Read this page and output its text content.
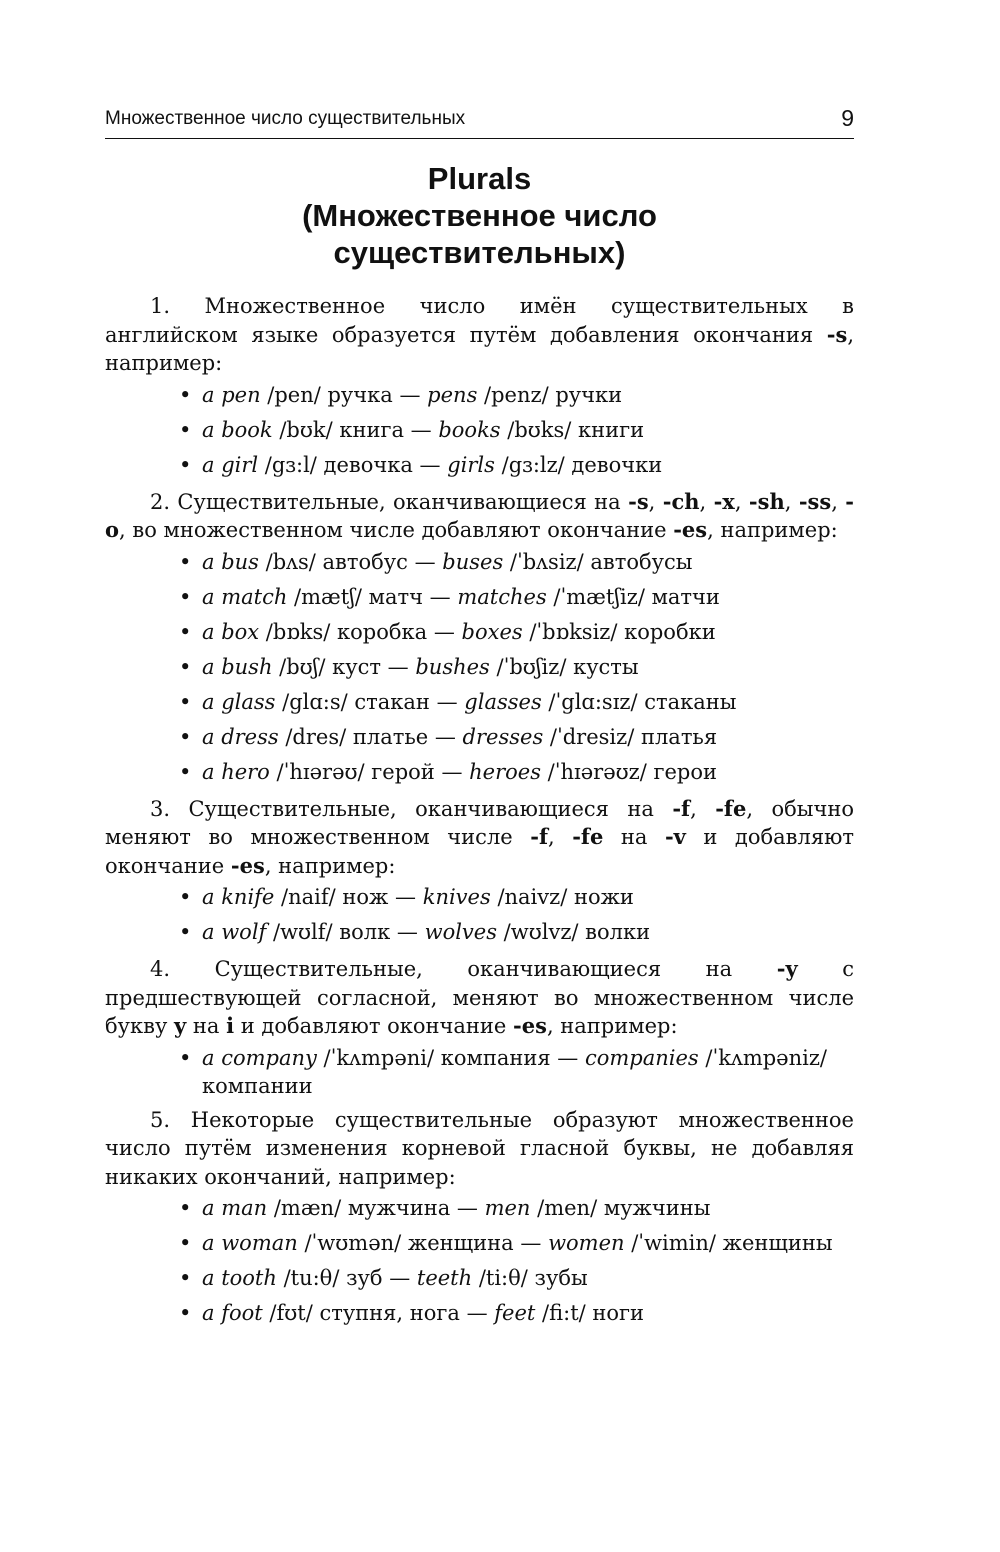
Множественное число существительных	9
Plurals
(Множественное число
существительных)

1. Множественное число имён существительных в английском языке образуется путём добавления окончания -s, например:

• a pen /pen/ ручка — pens /penz/ ручки
• a book /bʊk/ книга — books /bʊks/ книги
• a girl /gɜ:l/ девочка — girls /gɜ:lz/ девочки

2. Существительные, оканчивающиеся на -s, -ch, -x, -sh, -ss, -o, во множественном числе добавляют окончание -es, например:

• a bus /bʌs/ автобус — buses /ˈbʌsiz/ автобусы
• a match /mætʃ/ матч — matches /ˈmætʃiz/ матчи
• a box /bɒks/ коробка — boxes /ˈbɒksiz/ коробки
• a bush /bʊʃ/ куст — bushes /ˈbʊʃiz/ кусты
• a glass /glɑ:s/ стакан — glasses /ˈglɑ:sɪz/ стаканы
• a dress /dres/ платье — dresses /ˈdresiz/ платья
• a hero /ˈhɪərəʊ/ герой — heroes /ˈhɪərəʊz/ герои

3. Существительные, оканчивающиеся на -f, -fe, обычно меняют во множественном числе -f, -fe на -v и добавляют окончание -es, например:

• a knife /naif/ нож — knives /naivz/ ножи
• a wolf /wʊlf/ волк — wolves /wʊlvz/ волки

4. Существительные, оканчивающиеся на -y с предшествующей согласной, меняют во множественном числе букву y на i и добавляют окончание -es, например:

• a company /ˈkʌmpəni/ компания — companies /ˈkʌmpəniz/ компании

5. Некоторые существительные образуют множественное число путём изменения корневой гласной буквы, не добавляя никаких окончаний, например:

• a man /mæn/ мужчина — men /men/ мужчины
• a woman /ˈwʊmən/ женщина — women /ˈwimin/ женщины
• a tooth /tu:θ/ зуб — teeth /ti:θ/ зубы
• a foot /fʊt/ ступня, нога — feet /fi:t/ ноги
